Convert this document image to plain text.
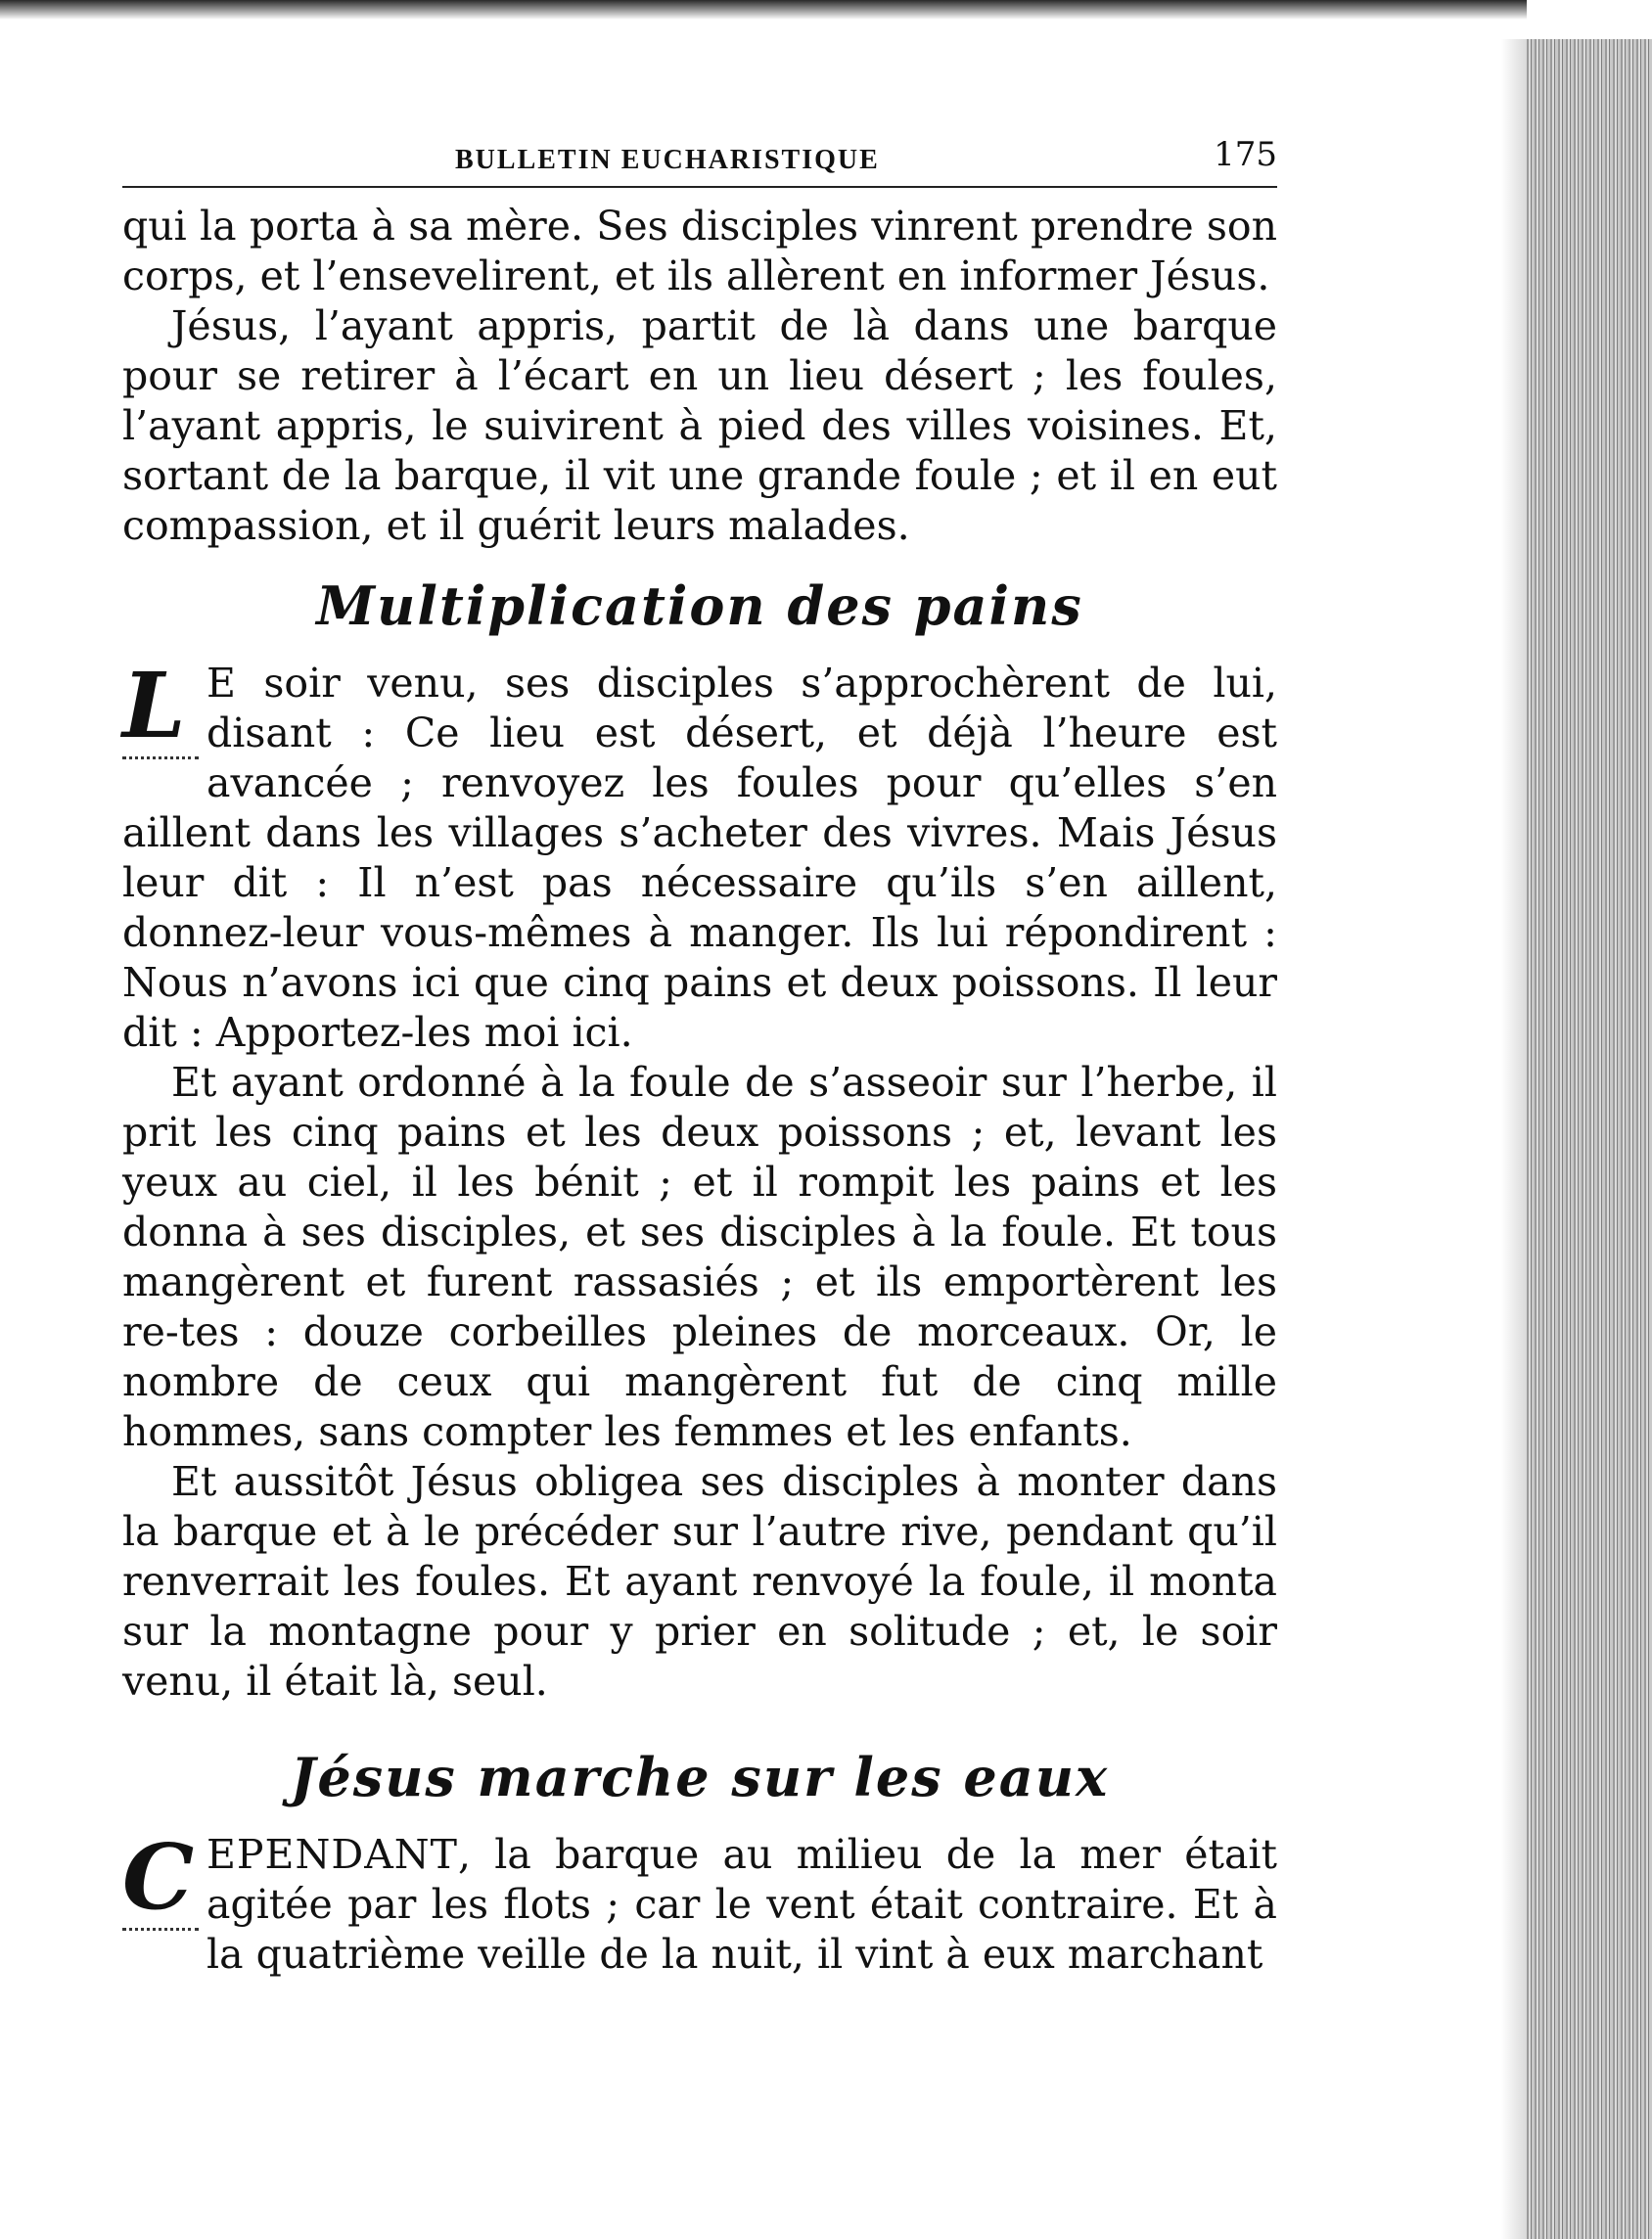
BULLETIN EUCHARISTIQUE	175

qui la porta à sa mère. Ses disciples vinrent prendre son corps, et l’ensevelirent, et ils allèrent en informer Jésus.

Jésus, l’ayant appris, partit de là dans une barque pour se retirer à l’écart en un lieu désert ; les foules, l’ayant appris, le suivirent à pied des villes voisines. Et, sortant de la barque, il vit une grande foule ; et il en eut compassion, et il guérit leurs malades.

Multiplication des pains

L E soir venu, ses disciples s’approchèrent de lui, disant : Ce lieu est désert, et déjà l’heure est avancée ; renvoyez les foules pour qu’elles s’en aillent dans les villages s’acheter des vivres. Mais Jésus leur dit : Il n’est pas nécessaire qu’ils s’en aillent, donnez-leur vous-mêmes à manger. Ils lui répondirent : Nous n’avons ici que cinq pains et deux poissons. Il leur dit : Apportez-les moi ici.

Et ayant ordonné à la foule de s’asseoir sur l’herbe, il prit les cinq pains et les deux poissons ; et, levant les yeux au ciel, il les bénit ; et il rompit les pains et les donna à ses disciples, et ses disciples à la foule. Et tous mangèrent et furent rassasiés ; et ils emportèrent les re-tes : douze corbeilles pleines de morceaux. Or, le nombre de ceux qui mangèrent fut de cinq mille hommes, sans compter les femmes et les enfants.

Et aussitôt Jésus obligea ses disciples à monter dans la barque et à le précéder sur l’autre rive, pendant qu’il renverrait les foules. Et ayant renvoyé la foule, il monta sur la montagne pour y prier en solitude ; et, le soir venu, il était là, seul.

Jésus marche sur les eaux

C EPENDANT, la barque au milieu de la mer était agitée par les flots ; car le vent était contraire. Et à la quatrième veille de la nuit, il vint à eux marchant
